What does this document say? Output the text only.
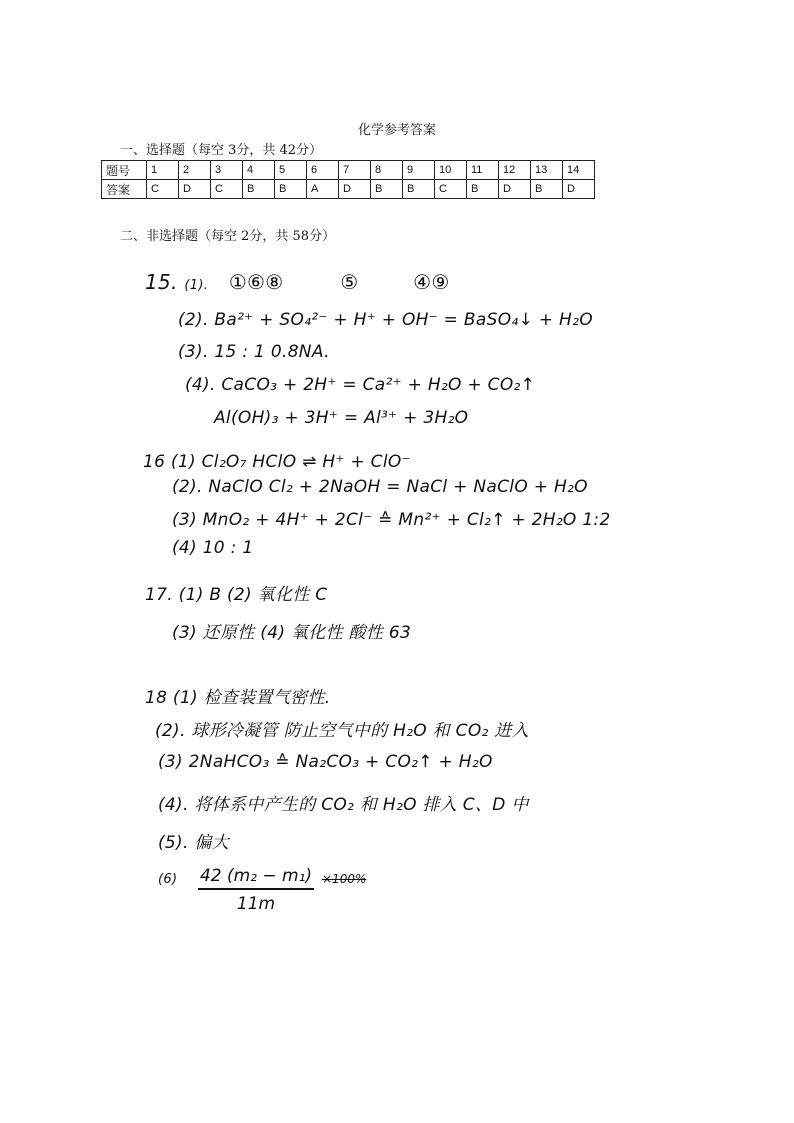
化学参考答案
一、选择题（每空 3分，共 42分）
题号	1	2	3	4	5	6	7	8	9	10	11	12	13	14
答案	C	D	C	B	B	A	D	B	B	C	B	D	B	D
二、非选择题（每空 2分，共 58分）
15. (1). ①⑥⑧	⑤	④⑨
(2). Ba²⁺ + SO₄²⁻ + H⁺ + OH⁻ = BaSO₄↓ + H₂O
(3). 15 : 1 0.8NA.
(4). CaCO₃ + 2H⁺ = Ca²⁺ + H₂O + CO₂↑
Al(OH)₃ + 3H⁺ = Al³⁺ + 3H₂O
16 (1) Cl₂O₇ HClO ⇌ H⁺ + ClO⁻
(2). NaClO Cl₂ + 2NaOH = NaCl + NaClO + H₂O
(3) MnO₂ + 4H⁺ + 2Cl⁻ ≙ Mn²⁺ + Cl₂↑ + 2H₂O 1:2
(4) 10 : 1
17. (1) B (2) 氧化性 C
(3) 还原性 (4) 氧化性 酸性 63
18 (1) 检查装置气密性.
(2). 球形冷凝管 防止空气中的 H₂O 和 CO₂ 进入
(3) 2NaHCO₃ ≙ Na₂CO₃ + CO₂↑ + H₂O
(4). 将体系中产生的 CO₂ 和 H₂O 排入 C、D 中
(5). 偏大
$(6) \frac{\text{42 (m₂ − m₁)}}{11m} \times 100\%$
